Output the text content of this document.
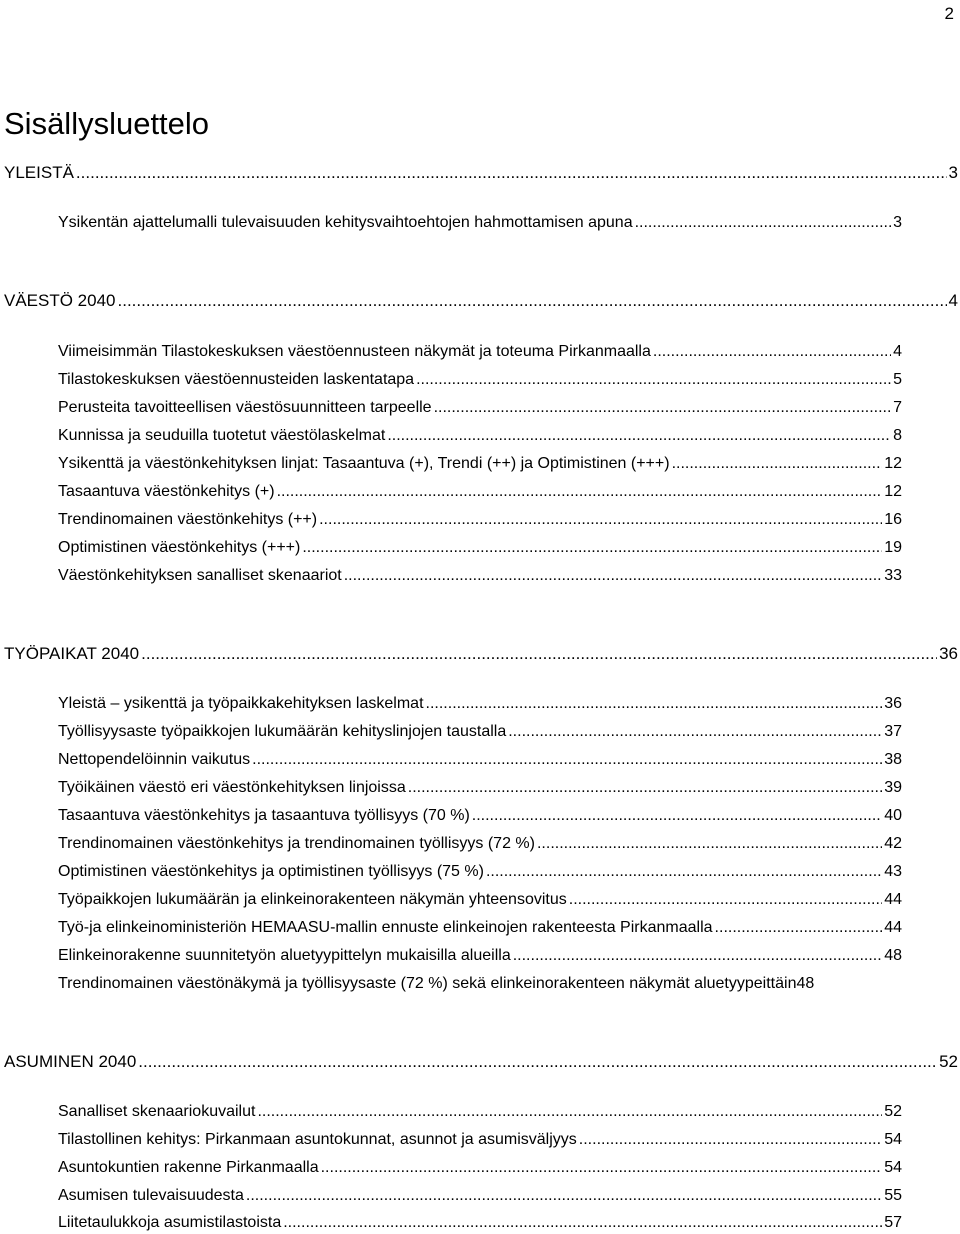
2
Sisällysluettelo
YLEISTÄ .....	3
Ysikentän ajattelumalli tulevaisuuden kehitysvaihtoehtojen hahmottamisen apuna .....	3
VÄESTÖ 2040 .....	4
Viimeisimmän Tilastokeskuksen väestöennusteen näkymät ja toteuma Pirkanmaalla .....	4
Tilastokeskuksen väestöennusteiden laskentatapa .....	5
Perusteita tavoitteellisen väestösuunnitteen tarpeelle .....	7
Kunnissa ja seuduilla tuotetut väestölaskelmat .....	8
Ysikenttä ja väestönkehityksen linjat: Tasaantuva (+), Trendi (++) ja Optimistinen (+++) .....	12
Tasaantuva väestönkehitys (+) .....	12
Trendinomainen väestönkehitys (++) .....	16
Optimistinen väestönkehitys (+++) .....	19
Väestönkehityksen sanalliset skenaariot .....	33
TYÖPAIKAT 2040 .....	36
Yleistä – ysikenttä ja työpaikkakehityksen laskelmat .....	36
Työllisyysaste työpaikkojen lukumäärän kehityslinjojen taustalla .....	37
Nettopendelöinnin vaikutus .....	38
Työikäinen väestö eri väestönkehityksen linjoissa .....	39
Tasaantuva väestönkehitys ja tasaantuva työllisyys (70 %) .....	40
Trendinomainen väestönkehitys ja trendinomainen työllisyys (72 %) .....	42
Optimistinen väestönkehitys ja optimistinen työllisyys (75 %) .....	43
Työpaikkojen lukumäärän ja elinkeinorakenteen näkymän yhteensovitus .....	44
Työ-ja elinkeinoministeriön HEMAASU-mallin ennuste elinkeinojen rakenteesta Pirkanmaalla .....	44
Elinkeinorakenne suunnitetyön aluetyypittelyn mukaisilla alueilla .....	48
Trendinomainen väestönäkymä ja työllisyysaste (72 %) sekä elinkeinorakenteen näkymät aluetyypeittäin 48
ASUMINEN 2040 .....	52
Sanalliset skenaariokuvailut .....	52
Tilastollinen kehitys: Pirkanmaan asuntokunnat, asunnot ja asumisväljyys .....	54
Asuntokuntien rakenne Pirkanmaalla .....	54
Asumisen tulevaisuudesta .....	55
Liitetaulukkoja asumistilastoista .....	57
